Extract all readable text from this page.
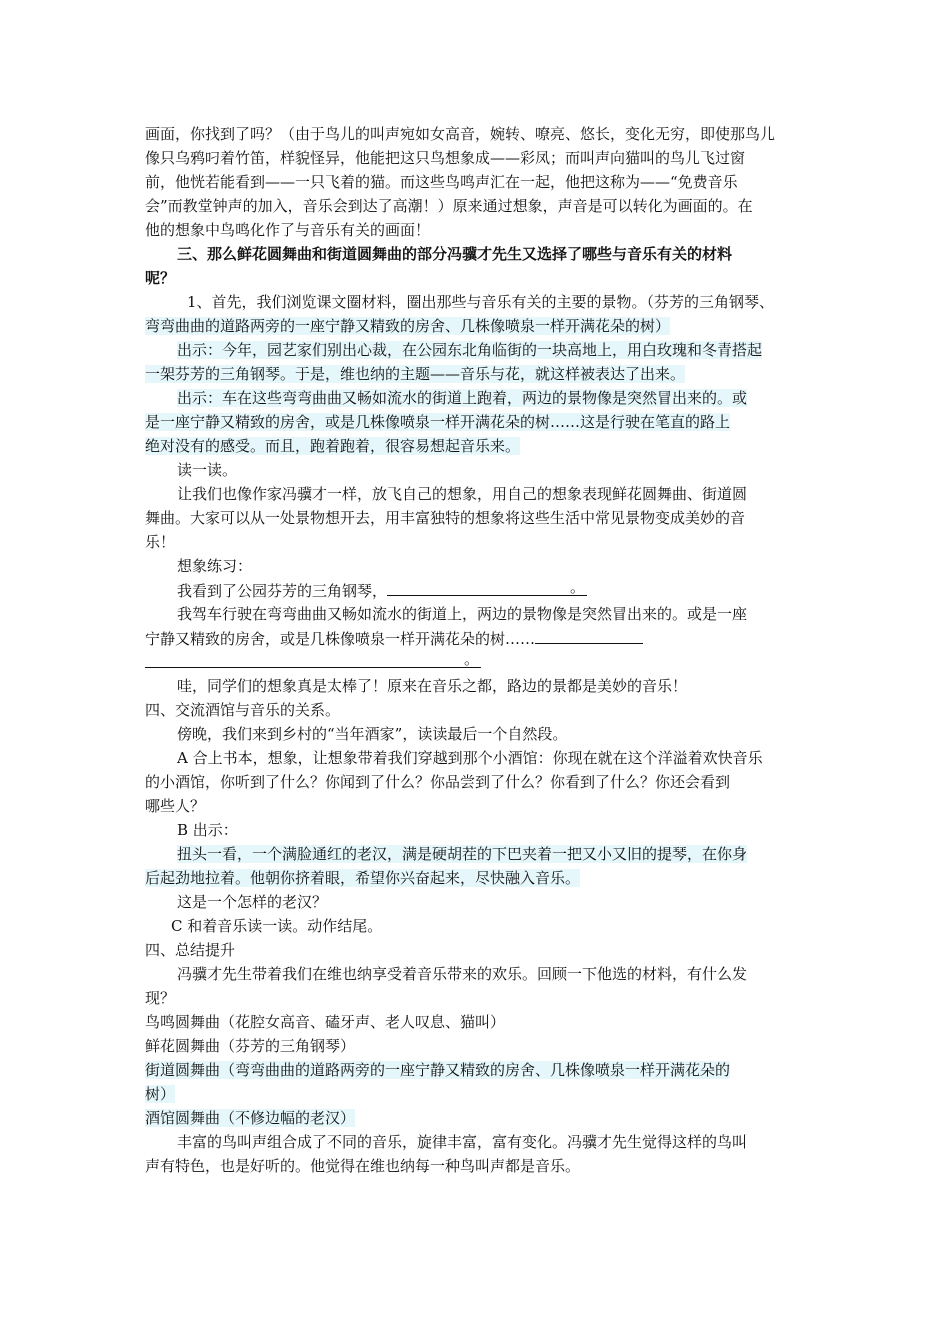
画面，你找到了吗？（由于鸟儿的叫声宛如女高音，婉转、嘹亮、悠长，变化无穷，即使那鸟儿
像只乌鸦叼着竹笛，样貌怪异，他能把这只鸟想象成——彩凤；而叫声向猫叫的鸟儿飞过窗
前，他恍若能看到——一只飞着的猫。而这些鸟鸣声汇在一起，他把这称为——“免费音乐
会”而教堂钟声的加入，音乐会到达了高潮！）原来通过想象，声音是可以转化为画面的。在
他的想象中鸟鸣化作了与音乐有关的画面！
三、那么鲜花圆舞曲和街道圆舞曲的部分冯骥才先生又选择了哪些与音乐有关的材料
呢？
1、首先，我们浏览课文圈材料，圈出那些与音乐有关的主要的景物。（芬芳的三角钢琴、
弯弯曲曲的道路两旁的一座宁静又精致的房舍、几株像喷泉一样开满花朵的树）
出示：今年，园艺家们别出心裁，在公园东北角临街的一块高地上，用白玫瑰和冬青搭起
一架芬芳的三角钢琴。于是，维也纳的主题——音乐与花，就这样被表达了出来。
出示：车在这些弯弯曲曲又畅如流水的街道上跑着，两边的景物像是突然冒出来的。或
是一座宁静又精致的房舍，或是几株像喷泉一样开满花朵的树……这是行驶在笔直的路上
绝对没有的感受。而且，跑着跑着，很容易想起音乐来。
读一读。
让我们也像作家冯骥才一样，放飞自己的想象，用自己的想象表现鲜花圆舞曲、街道圆
舞曲。大家可以从一处景物想开去，用丰富独特的想象将这些生活中常见景物变成美妙的音
乐！
想象练习：
我看到了公园芬芳的三角钢琴，	。
我驾车行驶在弯弯曲曲又畅如流水的街道上，两边的景物像是突然冒出来的。或是一座
宁静又精致的房舍，或是几株像喷泉一样开满花朵的树……
。
哇，同学们的想象真是太棒了！原来在音乐之都，路边的景都是美妙的音乐！
四、交流酒馆与音乐的关系。
傍晚，我们来到乡村的“当年酒家”，读读最后一个自然段。
A 合上书本，想象，让想象带着我们穿越到那个小酒馆：你现在就在这个洋溢着欢快音乐
的小酒馆，你听到了什么？你闻到了什么？你品尝到了什么？你看到了什么？你还会看到
哪些人？
B 出示：
扭头一看，一个满脸通红的老汉，满是硬胡茬的下巴夹着一把又小又旧的提琴，在你身
后起劲地拉着。他朝你挤着眼，希望你兴奋起来，尽快融入音乐。
这是一个怎样的老汉？
C 和着音乐读一读。动作结尾。
四、总结提升
冯骥才先生带着我们在维也纳享受着音乐带来的欢乐。回顾一下他选的材料，有什么发
现？
鸟鸣圆舞曲（花腔女高音、磕牙声、老人叹息、猫叫）
鲜花圆舞曲（芬芳的三角钢琴）
街道圆舞曲（弯弯曲曲的道路两旁的一座宁静又精致的房舍、几株像喷泉一样开满花朵的
树）
酒馆圆舞曲（不修边幅的老汉）
丰富的鸟叫声组合成了不同的音乐，旋律丰富，富有变化。冯骥才先生觉得这样的鸟叫
声有特色，也是好听的。他觉得在维也纳每一种鸟叫声都是音乐。
